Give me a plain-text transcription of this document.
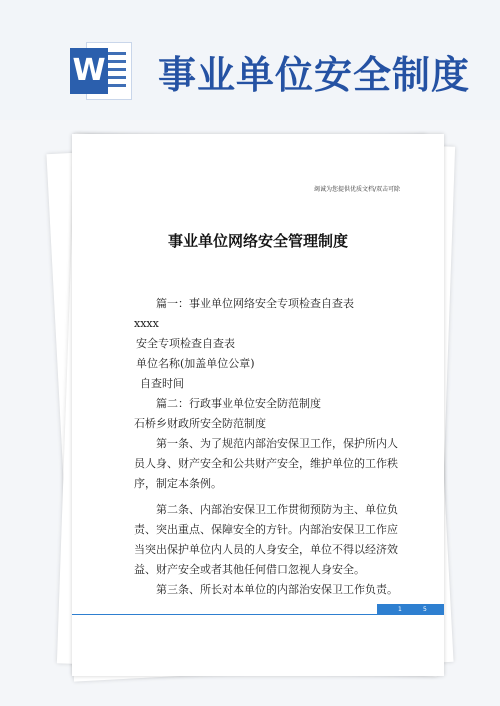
W 事业单位安全制度
竭诚为您提供优质文档/双击可除
事业单位网络安全管理制度

篇一：事业单位网络安全专项检查自查表

xxxx

安全专项检查自查表

单位名称(加盖单位公章)

自查时间

篇二：行政事业单位安全防范制度

石桥乡财政所安全防范制度

第一条、为了规范内部治安保卫工作，保护所内人员人身、财产安全和公共财产安全，维护单位的工作秩序，制定本条例。

第二条、内部治安保卫工作贯彻预防为主、单位负责、突出重点、保障安全的方针。内部治安保卫工作应当突出保护单位内人员的人身安全，单位不得以经济效益、财产安全或者其他任何借口忽视人身安全。

第三条、所长对本单位的内部治安保卫工作负责。

1	5
